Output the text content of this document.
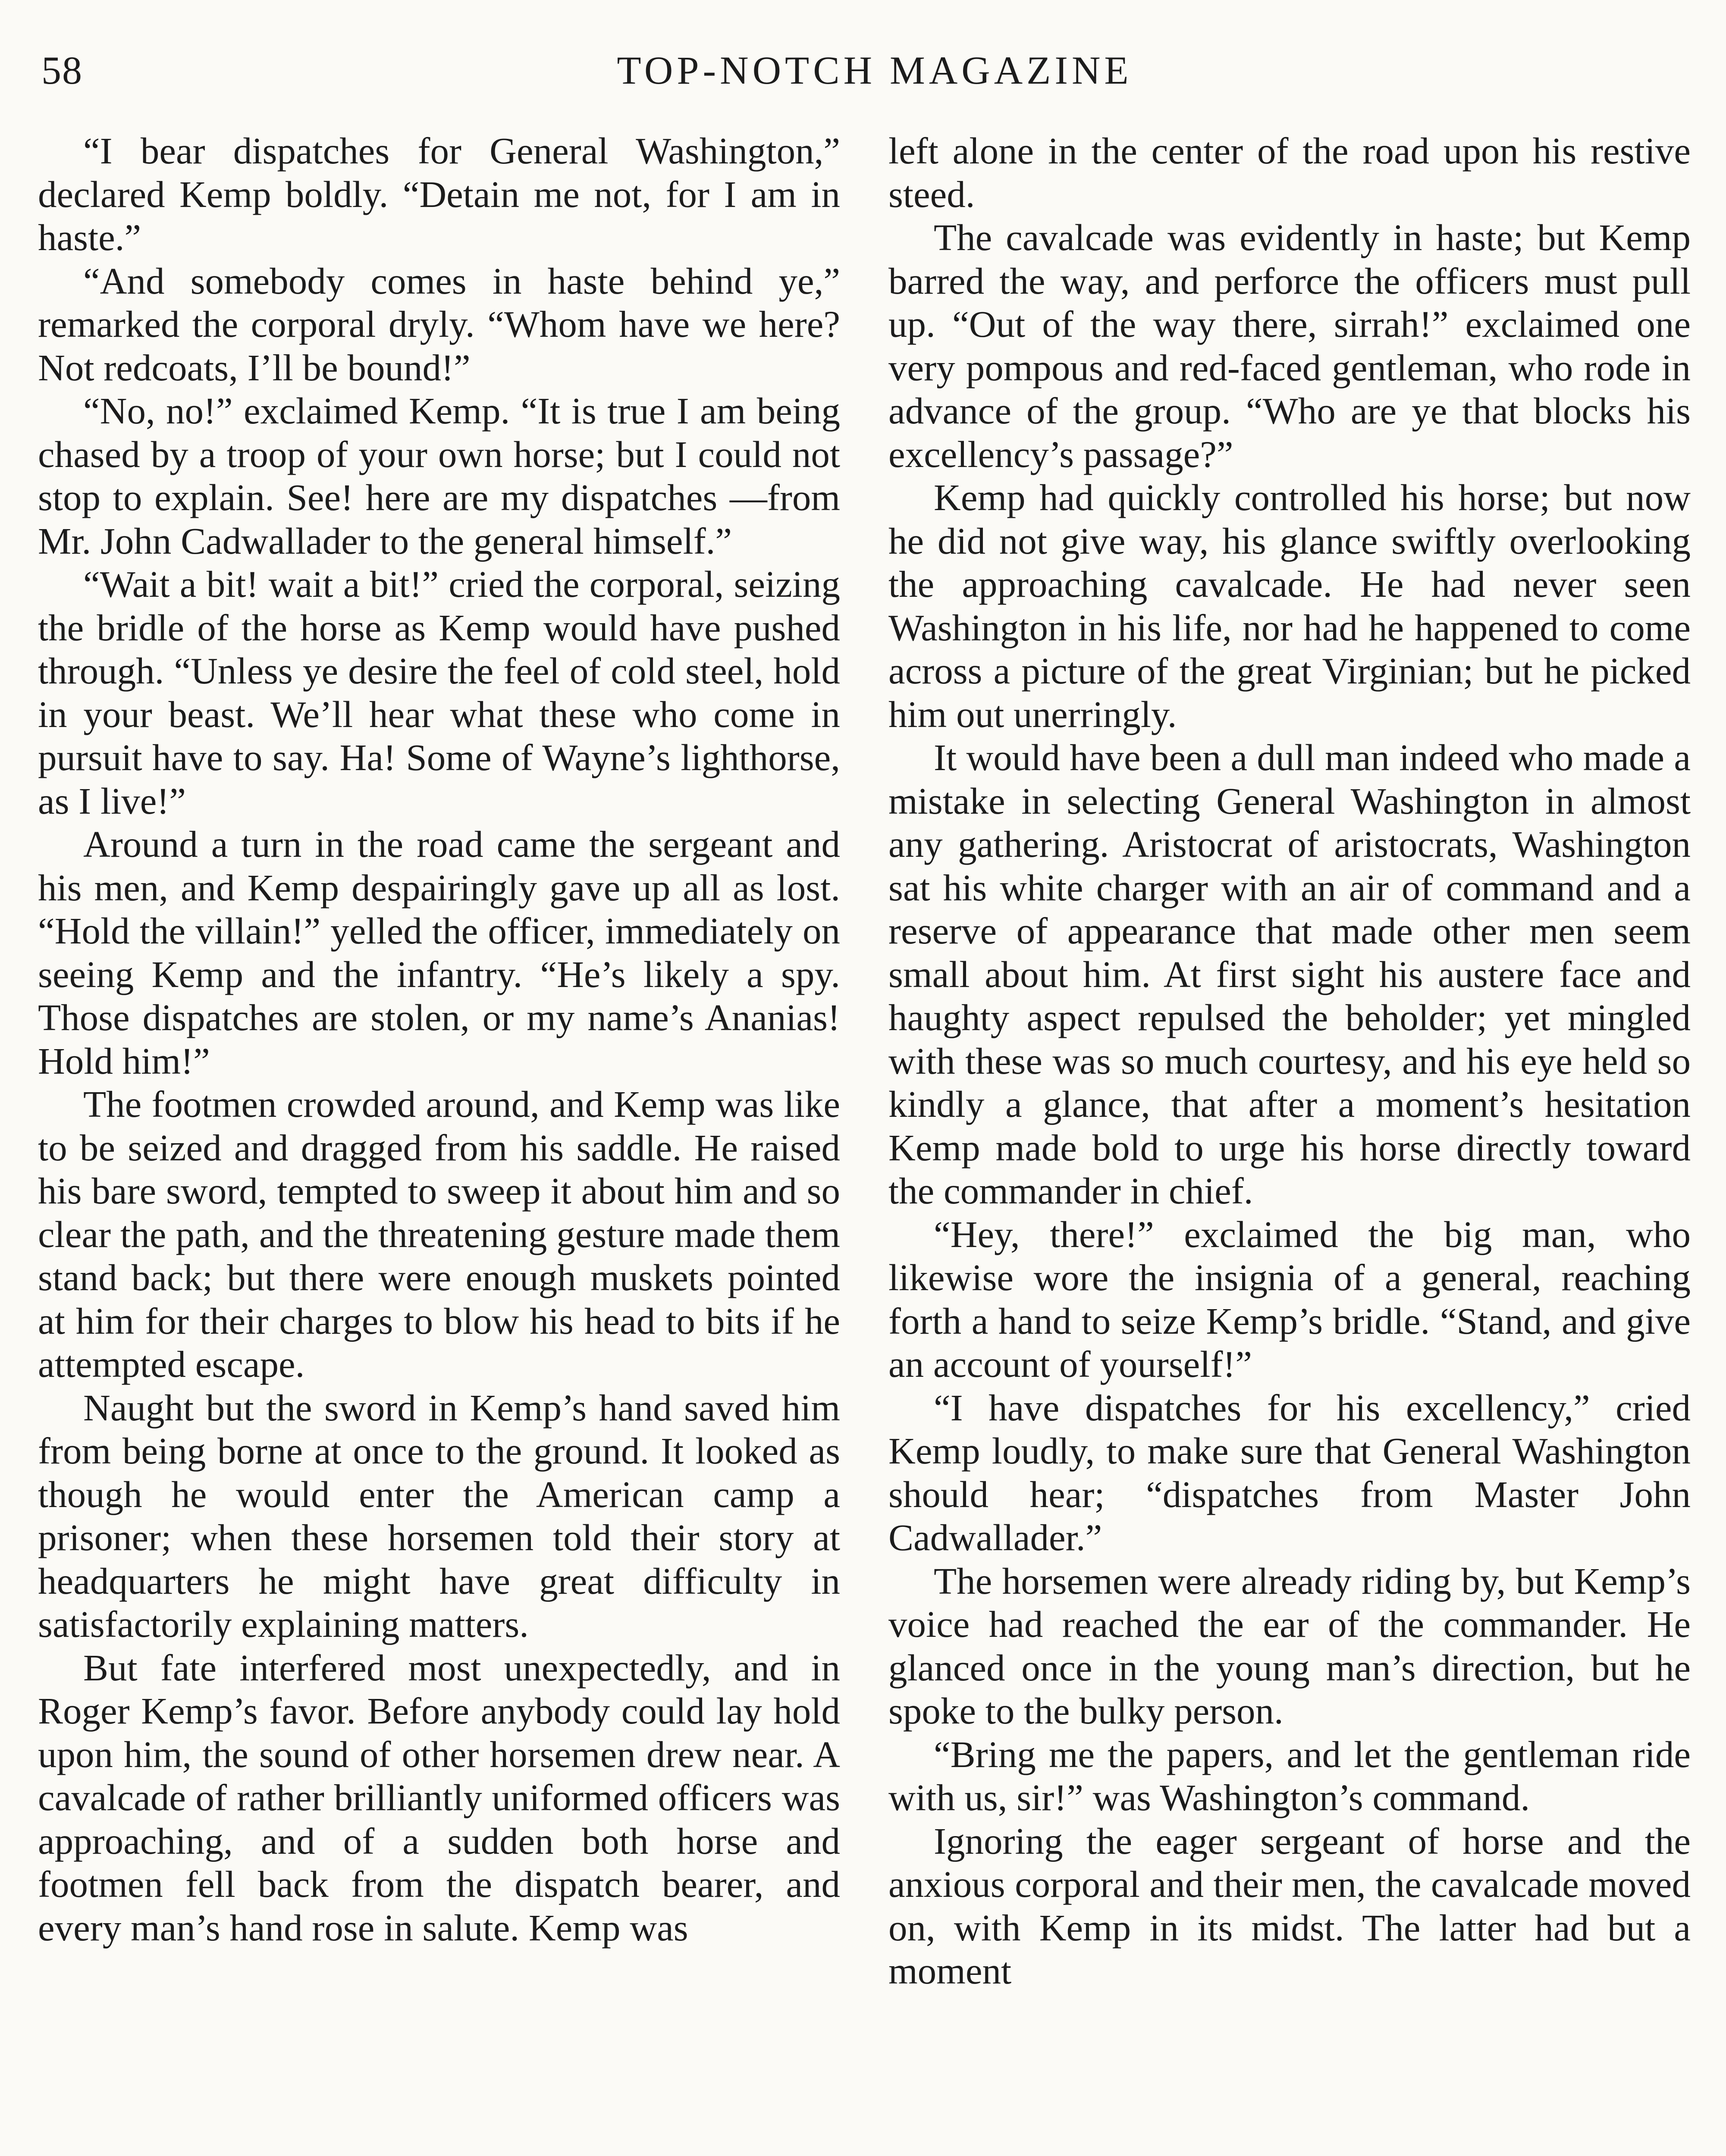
58	TOP-NOTCH MAGAZINE

“I bear dispatches for General Washington,” declared Kemp boldly. “Detain me not, for I am in haste.”

“And somebody comes in haste behind ye,” remarked the corporal dryly. “Whom have we here? Not redcoats, I’ll be bound!”

“No, no!” exclaimed Kemp. “It is true I am being chased by a troop of your own horse; but I could not stop to explain. See! here are my dispatches —from Mr. John Cadwallader to the general himself.”

“Wait a bit! wait a bit!” cried the corporal, seizing the bridle of the horse as Kemp would have pushed through. “Unless ye desire the feel of cold steel, hold in your beast. We’ll hear what these who come in pursuit have to say. Ha! Some of Wayne’s lighthorse, as I live!”

Around a turn in the road came the sergeant and his men, and Kemp despairingly gave up all as lost. “Hold the villain!” yelled the officer, immediately on seeing Kemp and the infantry. “He’s likely a spy. Those dispatches are stolen, or my name’s Ananias! Hold him!”

The footmen crowded around, and Kemp was like to be seized and dragged from his saddle. He raised his bare sword, tempted to sweep it about him and so clear the path, and the threatening gesture made them stand back; but there were enough muskets pointed at him for their charges to blow his head to bits if he attempted escape.

Naught but the sword in Kemp’s hand saved him from being borne at once to the ground. It looked as though he would enter the American camp a prisoner; when these horsemen told their story at headquarters he might have great difficulty in satisfactorily explaining matters.

But fate interfered most unexpectedly, and in Roger Kemp’s favor. Before anybody could lay hold upon him, the sound of other horsemen drew near. A cavalcade of rather brilliantly uniformed officers was approaching, and of a sudden both horse and footmen fell back from the dispatch bearer, and every man’s hand rose in salute. Kemp was

left alone in the center of the road upon his restive steed.

The cavalcade was evidently in haste; but Kemp barred the way, and perforce the officers must pull up. “Out of the way there, sirrah!” exclaimed one very pompous and red-faced gentleman, who rode in advance of the group. “Who are ye that blocks his excellency’s passage?”

Kemp had quickly controlled his horse; but now he did not give way, his glance swiftly overlooking the approaching cavalcade. He had never seen Washington in his life, nor had he happened to come across a picture of the great Virginian; but he picked him out unerringly.

It would have been a dull man indeed who made a mistake in selecting General Washington in almost any gathering. Aristocrat of aristocrats, Washington sat his white charger with an air of command and a reserve of appearance that made other men seem small about him. At first sight his austere face and haughty aspect repulsed the beholder; yet mingled with these was so much courtesy, and his eye held so kindly a glance, that after a moment’s hesitation Kemp made bold to urge his horse directly toward the commander in chief.

“Hey, there!” exclaimed the big man, who likewise wore the insignia of a general, reaching forth a hand to seize Kemp’s bridle. “Stand, and give an account of yourself!”

“I have dispatches for his excellency,” cried Kemp loudly, to make sure that General Washington should hear; “dispatches from Master John Cadwallader.”

The horsemen were already riding by, but Kemp’s voice had reached the ear of the commander. He glanced once in the young man’s direction, but he spoke to the bulky person.

“Bring me the papers, and let the gentleman ride with us, sir!” was Washington’s command.

Ignoring the eager sergeant of horse and the anxious corporal and their men, the cavalcade moved on, with Kemp in its midst. The latter had but a moment
